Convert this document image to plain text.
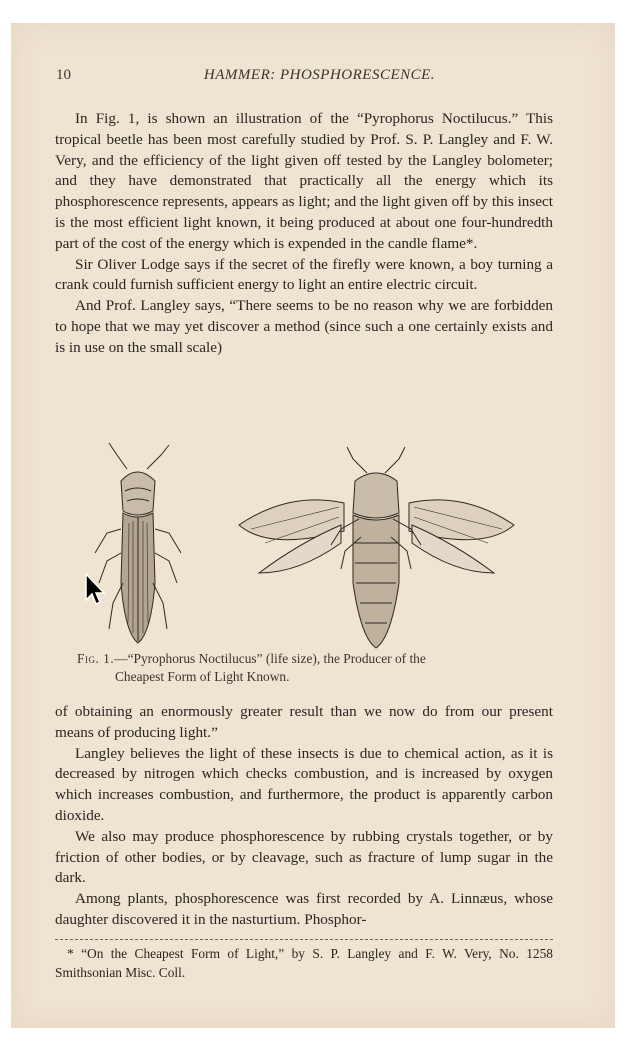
10	HAMMER: PHOSPHORESCENCE.

In Fig. 1, is shown an illustration of the “Pyrophorus Noctilucus.” This tropical beetle has been most carefully studied by Prof. S. P. Langley and F. W. Very, and the efficiency of the light given off tested by the Langley bolometer; and they have demonstrated that practically all the energy which its phosphorescence represents, appears as light; and the light given off by this insect is the most efficient light known, it being produced at about one four-hundredth part of the cost of the energy which is expended in the candle flame*.

Sir Oliver Lodge says if the secret of the firefly were known, a boy turning a crank could furnish sufficient energy to light an entire electric circuit.

And Prof. Langley says, “There seems to be no reason why we are forbidden to hope that we may yet discover a method (since such a one certainly exists and is in use on the small scale)

Fig. 1.—“Pyrophorus Noctilucus” (life size), the Producer of the
Cheapest Form of Light Known.

of obtaining an enormously greater result than we now do from our present means of producing light.”

Langley believes the light of these insects is due to chemical action, as it is decreased by nitrogen which checks combustion, and is increased by oxygen which increases combustion, and furthermore, the product is apparently carbon dioxide.

We also may produce phosphorescence by rubbing crystals together, or by friction of other bodies, or by cleavage, such as fracture of lump sugar in the dark.

Among plants, phosphorescence was first recorded by A. Linnæus, whose daughter discovered it in the nasturtium. Phosphor-

* “On the Cheapest Form of Light,” by S. P. Langley and F. W. Very, No. 1258 Smithsonian Misc. Coll.
